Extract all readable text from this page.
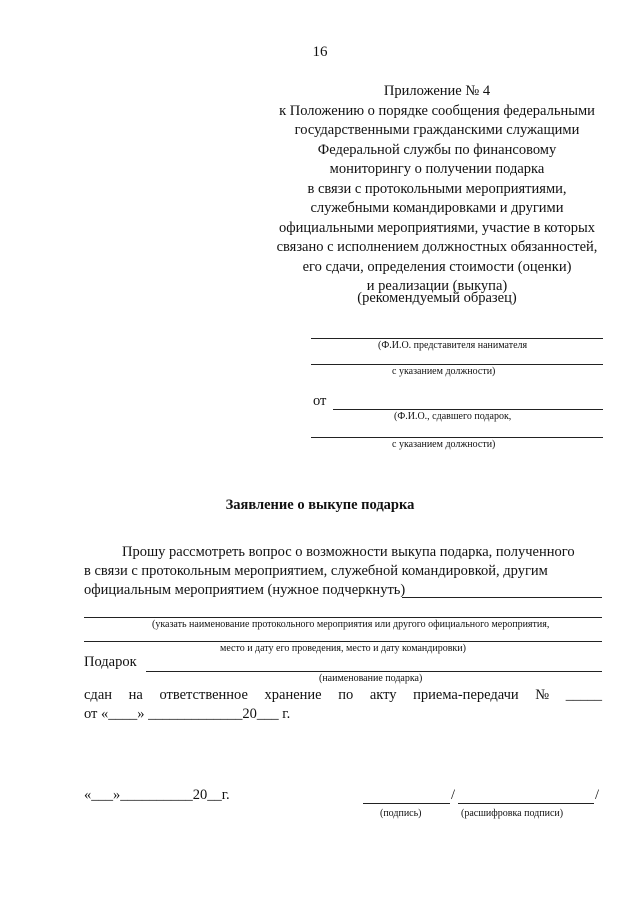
16
Приложение № 4
к Положению о порядке сообщения федеральными
государственными гражданскими служащими
Федеральной службы по финансовому
мониторингу о получении подарка
в связи с протокольными мероприятиями,
служебными командировками и другими
официальными мероприятиями, участие в которых
связано с исполнением должностных обязанностей,
его сдачи, определения стоимости (оценки)
и реализации (выкупа)
(рекомендуемый образец)
(Ф.И.О. представителя нанимателя
с указанием должности)
от
(Ф.И.О., сдавшего подарок,
с указанием должности)
Заявление о выкупе подарка
Прошу рассмотреть вопрос о возможности выкупа подарка, полученного
в связи с протокольным мероприятием, служебной командировкой, другим
официальным мероприятием (нужное подчеркнуть)
(указать наименование протокольного мероприятия или другого официального мероприятия,
место и дату его проведения, место и дату командировки)
Подарок
(наименование подарка)
сдан на ответственное хранение по акту приема-передачи № _____
от «____» _____________20___ г.
«___»__________20__г.	/	/
(подпись)	(расшифровка подписи)
